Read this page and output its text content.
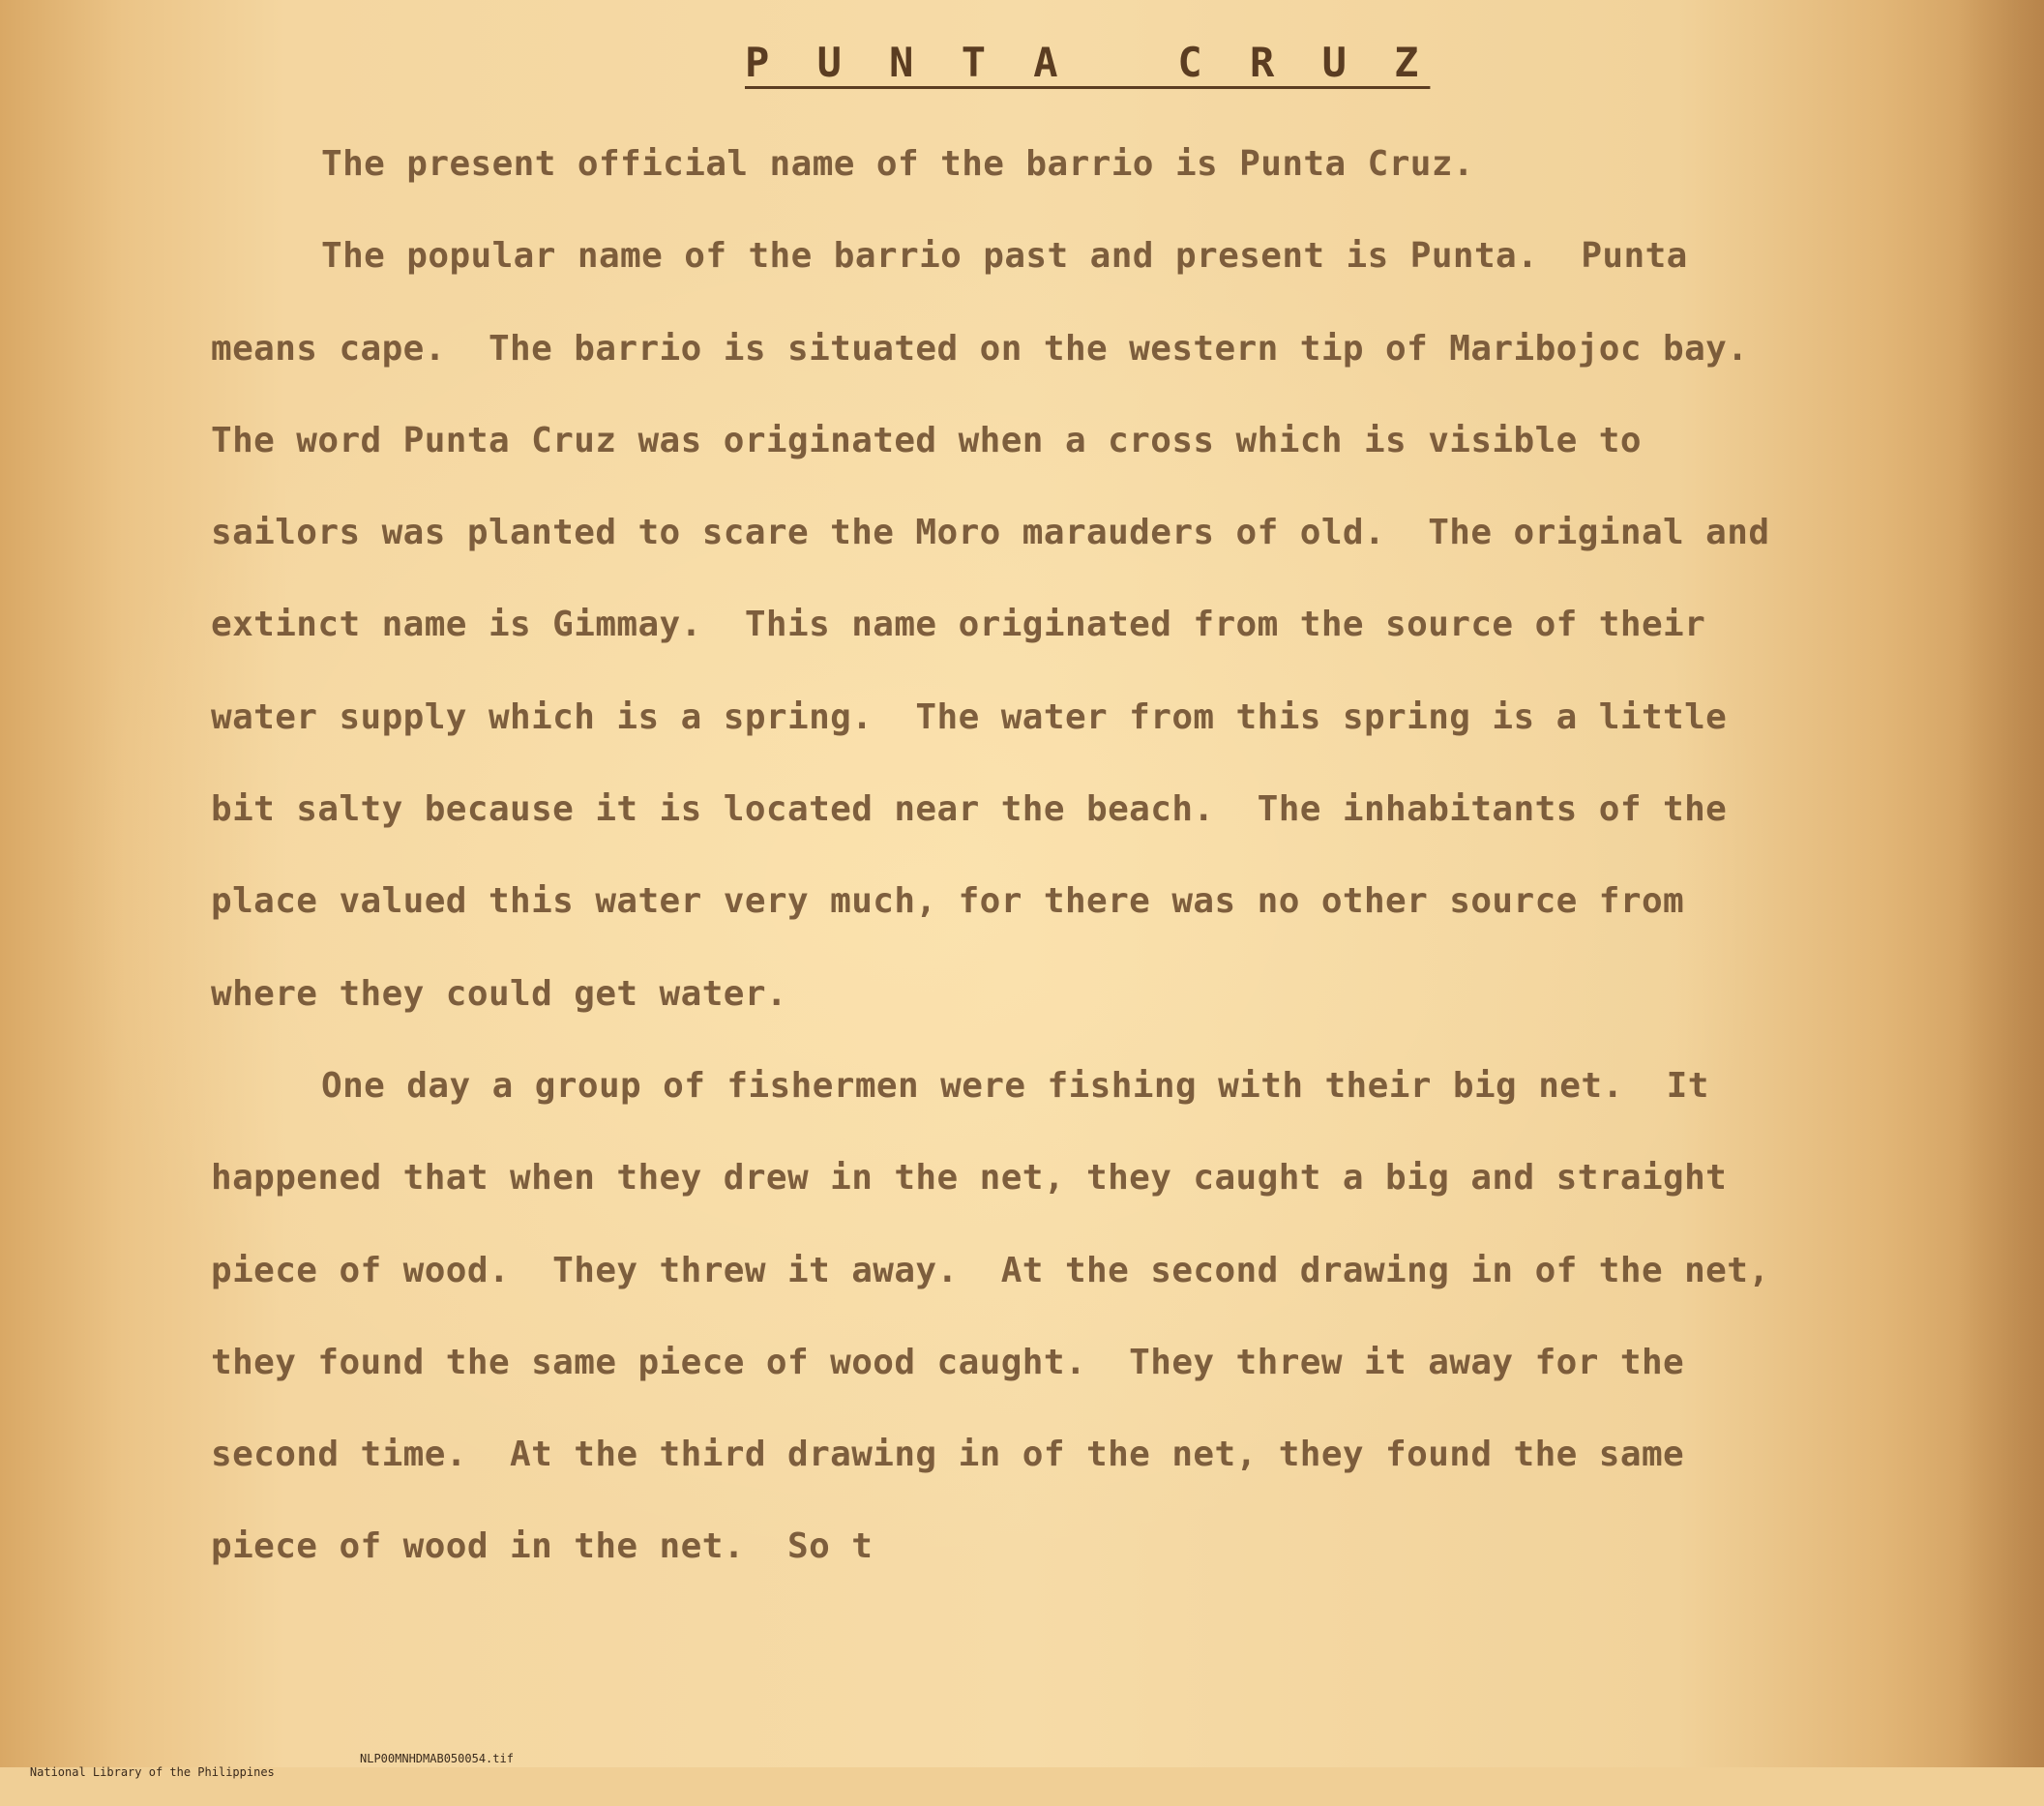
P U N T A   C R U Z

The present official name of the barrio is Punta Cruz.

The popular name of the barrio past and present is Punta.  Punta

means cape.  The barrio is situated on the western tip of Maribojoc bay.

The word Punta Cruz was originated when a cross which is visible to

sailors was planted to scare the Moro marauders of old.  The original and

extinct name is Gimmay.  This name originated from the source of their

water supply which is a spring.  The water from this spring is a little

bit salty because it is located near the beach.  The inhabitants of the

place valued this water very much, for there was no other source from

where they could get water.

One day a group of fishermen were fishing with their big net.  It

happened that when they drew in the net, they caught a big and straight

piece of wood.  They threw it away.  At the second drawing in of the net,

they found the same piece of wood caught.  They threw it away for the

second time.  At the third drawing in of the net, they found the same

piece of wood in the net.  So t

National Library of the Philippines

NLP00MNHDMAB050054.tif
